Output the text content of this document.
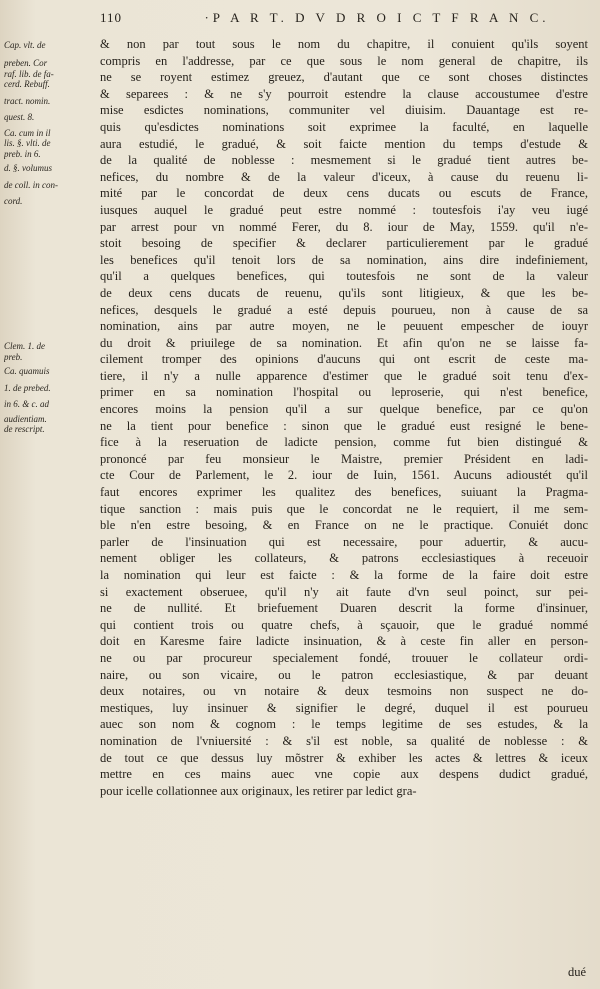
110	·P A R T. D V D R O I C T F R A N C.
Cap. vlt. de
preben. Cor
raf. lib. de fa-
cerd. Rebuff.
tract. nomin.
quest. 8.
Ca. cum in il
lis. §. vlti. de
preb. in 6.
d. §. volumus
de coll. in con-
cord.
Clem. 1. de
preb.
Ca. quamuis
1. de prebed.
in 6. & c. ad
audientiam.
de rescript.
& non par tout sous le nom du chapitre, il conuient qu'ils soyent
compris en l'addresse, par ce que sous le nom general de chapitre, ils
ne se royent estimez greuez, d'autant que ce sont choses distinctes
& separees : & ne s'y pourroit estendre la clause accoustumee d'estre
mise esdictes nominations, communiter vel diuisim. Dauantage est re-
quis qu'esdictes nominations soit exprimee la faculté, en laquelle
aura estudié, le gradué, & soit faicte mention du temps d'estude &
de la qualité de noblesse : mesmement si le gradué tient autres be-
nefices, du nombre & de la valeur d'iceux, à cause du reuenu li-
mité par le concordat de deux cens ducats ou escuts de France,
iusques auquel le gradué peut estre nommé : toutesfois i'ay veu iugé
par arrest pour vn nommé Ferer, du 8. iour de May, 1559. qu'il n'e-
stoit besoing de specifier & declarer particulierement par le gradué
les benefices qu'il tenoit lors de sa nomination, ains dire indefiniement,
qu'il a quelques benefices, qui toutesfois ne sont de la valeur
de deux cens ducats de reuenu, qu'ils sont litigieux, & que les be-
nefices, desquels le gradué a esté depuis pourueu, non à cause de sa
nomination, ains par autre moyen, ne le peuuent empescher de iouyr
du droit & priuilege de sa nomination. Et afin qu'on ne se laisse fa-
cilement tromper des opinions d'aucuns qui ont escrit de ceste ma-
tiere, il n'y a nulle apparence d'estimer que le gradué soit tenu d'ex-
primer en sa nomination l'hospital ou leproserie, qui n'est benefice,
encores moins la pension qu'il a sur quelque benefice, par ce qu'on
ne la tient pour benefice : sinon que le gradué eust resigné le bene-
fice à la reseruation de ladicte pension, comme fut bien distingué &
prononcé par feu monsieur le Maistre, premier Président en ladi-
cte Cour de Parlement, le 2. iour de Iuin, 1561. Aucuns adioustét qu'il
faut encores exprimer les qualitez des benefices, suiuant la Pragma-
tique sanction : mais puis que le concordat ne le requiert, il me sem-
ble n'en estre besoing, & en France on ne le practique. Conuiét donc
parler de l'insinuation qui est necessaire, pour aduertir, & aucu-
nement obliger les collateurs, & patrons ecclesiastiques à receuoir
la nomination qui leur est faicte : & la forme de la faire doit estre
si exactement obseruee, qu'il n'y ait faute d'vn seul poinct, sur pei-
ne de nullité. Et briefuement Duaren descrit la forme d'insinuer,
qui contient trois ou quatre chefs, à sçauoir, que le gradué nommé
doit en Karesme faire ladicte insinuation, & à ceste fin aller en person-
ne ou par procureur specialement fondé, trouuer le collateur ordi-
naire, ou son vicaire, ou le patron ecclesiastique, & par deuant
deux notaires, ou vn notaire & deux tesmoins non suspect ne do-
mestiques, luy insinuer & signifier le degré, duquel il est pourueu
auec son nom & cognom : le temps legitime de ses estudes, & la
nomination de l'vniuersité : & s'il est noble, sa qualité de noblesse : &
de tout ce que dessus luy mõstrer & exhiber les actes & lettres & iceux
mettre en ces mains auec vne copie aux despens dudict gradué,
pour icelle collationnee aux originaux, les retirer par ledict gra-
dué
